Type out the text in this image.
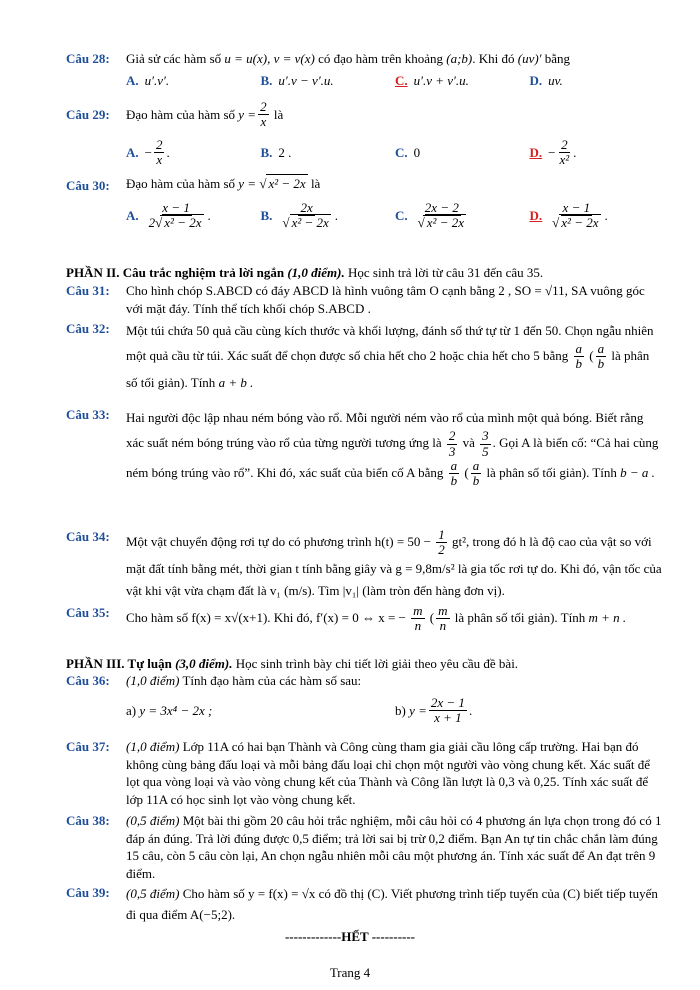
Câu 28: Giả sử các hàm số u = u(x), v = v(x) có đạo hàm trên khoảng (a;b). Khi đó (uv)′ bằng
A. u′.v′.	B. u′.v − v′.u.	C. u′.v + v′.u.	D. uv.
Câu 29: Đạo hàm của hàm số
$y = \frac{2}{x}$
là
A. − $\frac{2}{x}$ .	B. 2 .	C. 0	D. − $\frac{2}{\text{x²}}$ .
Câu 30: Đạo hàm của hàm số
y = √ x² − 2x
là
A. $\frac{x - 1}{\text{2√ x² − 2x}}$ .	B. $\frac{2x}{\text{√ x² − 2x}}$ .	C. $\frac{2x - 2}{\text{√ x² − 2x}}$	D. $\frac{x - 1}{\text{√ x² − 2x}}$ .
PHẦN II. Câu trắc nghiệm trả lời ngắn (1,0 điểm). Học sinh trả lời từ câu 31 đến câu 35.
Câu 31: Cho hình chóp S.ABCD có đáy ABCD là hình vuông tâm O cạnh bằng 2 , SO = √11, SA vuông góc với mặt đáy. Tính thể tích khối chóp S.ABCD .

Câu 32: Một túi chứa 50 quả cầu cùng kích thước và khối lượng, đánh số thứ tự từ 1 đến 50. Chọn ngẫu nhiên một quả cầu từ túi. Xác suất để chọn được số chia hết cho 2 hoặc chia hết cho 5 bằng $\frac{a}{b}$ ( $\frac{a}{b}$ là phân số tối giản). Tính a + b .
Câu 33: Hai người độc lập nhau ném bóng vào rổ. Mỗi người ném vào rổ của mình một quả bóng. Biết rằng xác suất ném bóng trúng vào rổ của từng người tương ứng là $\frac{2}{3}$ và $\frac{3}{5}$ . Gọi A là biến cố: “Cả hai cùng ném bóng trúng vào rổ”. Khi đó, xác suất của biến cố A bằng $\frac{a}{b}$ ( $\frac{a}{b}$ là phân số tối giản). Tính b − a .
Câu 34: Một vật chuyển động rơi tự do có phương trình $h(t) = 50 - \frac{1}{2} gt^2$, trong đó h là độ cao của vật so với mặt đất tính bằng mét, thời gian t tính bằng giây và g = 9,8m/s² là gia tốc rơi tự do. Khi đó, vận tốc của vật khi vật vừa chạm đất là v₁ (m/s). Tìm |v₁| (làm tròn đến hàng đơn vị).
Câu 35: Cho hàm số f(x) = x√(x+1). Khi đó, f′(x) = 0 ⇔ x = − $\frac{m}{n}$ ( $\frac{m}{n}$ là phân số tối giản). Tính m + n .
PHẦN III. Tự luận (3,0 điểm). Học sinh trình bày chi tiết lời giải theo yêu cầu đề bài.
Câu 36: (1,0 điểm) Tính đạo hàm của các hàm số sau:
a)
y = 3x⁴ − 2x ;	b)
$y = \frac{2x - 1}{x + 1}$ .
Câu 37: (1,0 điểm) Lớp 11A có hai bạn Thành và Công cùng tham gia giải cầu lông cấp trường. Hai bạn đó không cùng bảng đấu loại và mỗi bảng đấu loại chỉ chọn một người vào vòng chung kết. Xác suất để lọt qua vòng loại và vào vòng chung kết của Thành và Công lần lượt là 0,3 và 0,25. Tính xác suất để lớp 11A có học sinh lọt vào vòng chung kết.

Câu 38: (0,5 điểm) Một bài thi gồm 20 câu hỏi trắc nghiệm, mỗi câu hỏi có 4 phương án lựa chọn trong đó có 1 đáp án đúng. Trả lời đúng được 0,5 điểm; trả lời sai bị trừ 0,2 điểm. Bạn An tự tin chắc chắn làm đúng 15 câu, còn 5 câu còn lại, An chọn ngẫu nhiên mỗi câu một phương án. Tính xác suất để An đạt trên 9 điểm.

Câu 39: (0,5 điểm) Cho hàm số y = f(x) = √x có đồ thị (C). Viết phương trình tiếp tuyến của (C) biết tiếp tuyến đi qua điểm A(−5;2).

-------------HẾT ----------
Trang 4
